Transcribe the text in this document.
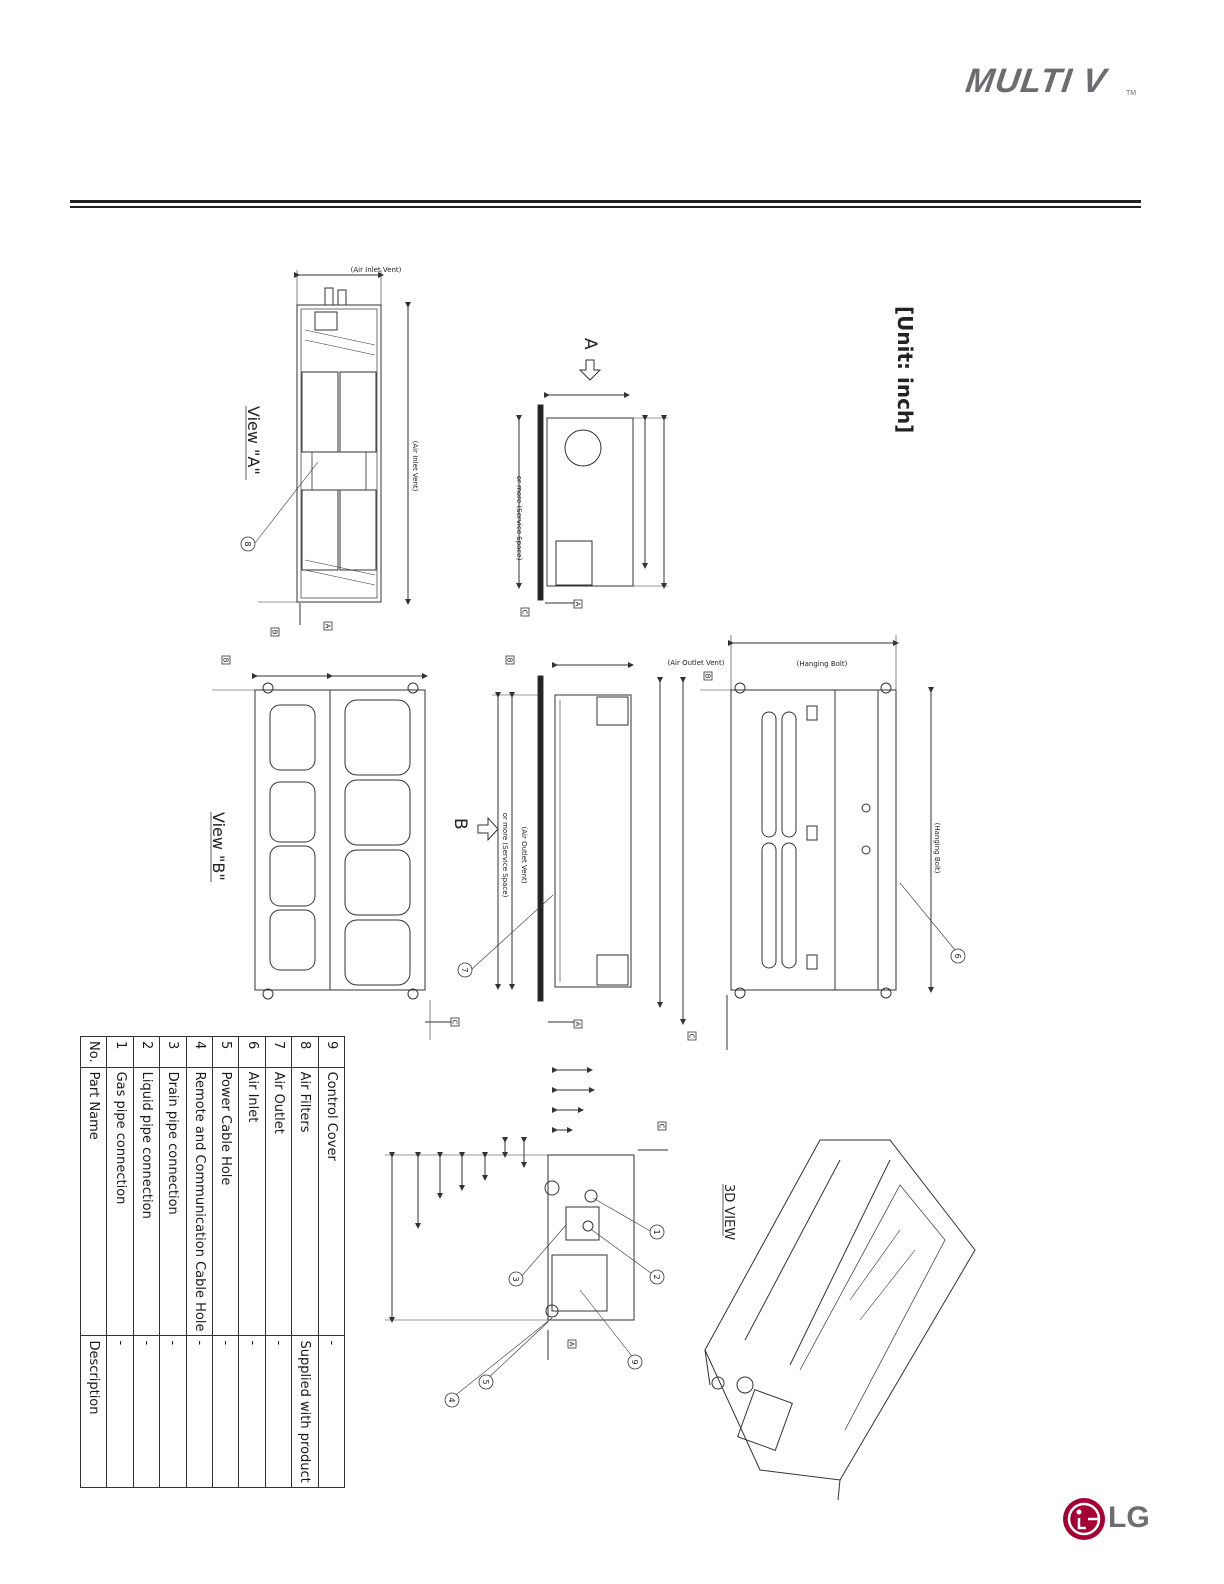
MULTI V TM
B
A
C
A
B
C
B
A
B
C
C
A
(Air Inlet Vent)
(Air Inlet Vent)
or more (Service Space)
(Air Outlet Vent)
or more (Service Space)
(Air Outlet Vent)	(Hanging Bolt)
(Hanging Bolt)
View "A"
View "B"
3D VIEW
A
B
[Unit: inch]
8
7
6
1
2
3
4
5
9
9	Control Cover	-
8	Air Filters	Supplied with product
7	Air Outlet	-
6	Air Inlet	-
5	Power Cable Hole	-
4	Remote and Communication Cable Hole	-
3	Drain pipe connection	-
2	Liquid pipe connection	-
1	Gas pipe connection	-
No.	Part Name	Description
LG
